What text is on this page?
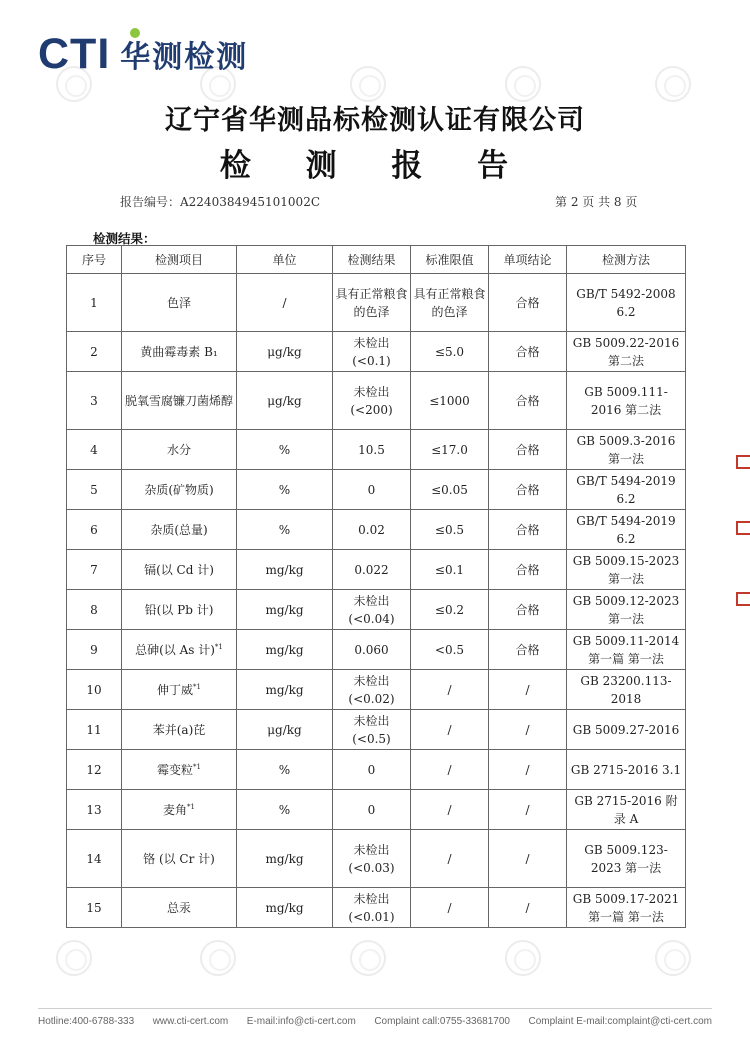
CTI 华测检测
辽宁省华测品标检测认证有限公司
检 测 报 告
报告编号：A2240384945101002C	第 2 页 共 8 页
检测结果：
序号	检测项目	单位	检测结果	标准限值	单项结论	检测方法
1	色泽	/	具有正常粮食的色泽	具有正常粮食的色泽	合格	GB/T 5492-2008 6.2
2	黄曲霉毒素 B₁	μg/kg	未检出 (<0.1)	≤5.0	合格	GB 5009.22-2016 第二法
3	脱氧雪腐镰刀菌烯醇	μg/kg	未检出 (<200)	≤1000	合格	GB 5009.111-2016 第二法
4	水分	%	10.5	≤17.0	合格	GB 5009.3-2016 第一法
5	杂质(矿物质)	%	0	≤0.05	合格	GB/T 5494-2019 6.2
6	杂质(总量)	%	0.02	≤0.5	合格	GB/T 5494-2019 6.2
7	镉(以 Cd 计)	mg/kg	0.022	≤0.1	合格	GB 5009.15-2023 第一法
8	铅(以 Pb 计)	mg/kg	未检出 (<0.04)	≤0.2	合格	GB 5009.12-2023 第一法
9	总砷(以 As 计)$^{*1}$	mg/kg	0.060	<0.5	合格	GB 5009.11-2014 第一篇 第一法
10	伸丁威$^{*1}$	mg/kg	未检出 (<0.02)	/	/	GB 23200.113-2018
11	苯并(a)芘	μg/kg	未检出 (<0.5)	/	/	GB 5009.27-2016
12	霉变粒$^{*1}$	%	0	/	/	GB 2715-2016 3.1
13	麦角$^{*1}$	%	0	/	/	GB 2715-2016 附录 A
14	铬 (以 Cr 计)	mg/kg	未检出 (<0.03)	/	/	GB 5009.123-2023 第一法
15	总汞	mg/kg	未检出 (<0.01)	/	/	GB 5009.17-2021 第一篇 第一法
Hotline:400-6788-333 www.cti-cert.com E-mail:info@cti-cert.com Complaint call:0755-33681700 Complaint E-mail:complaint@cti-cert.com
